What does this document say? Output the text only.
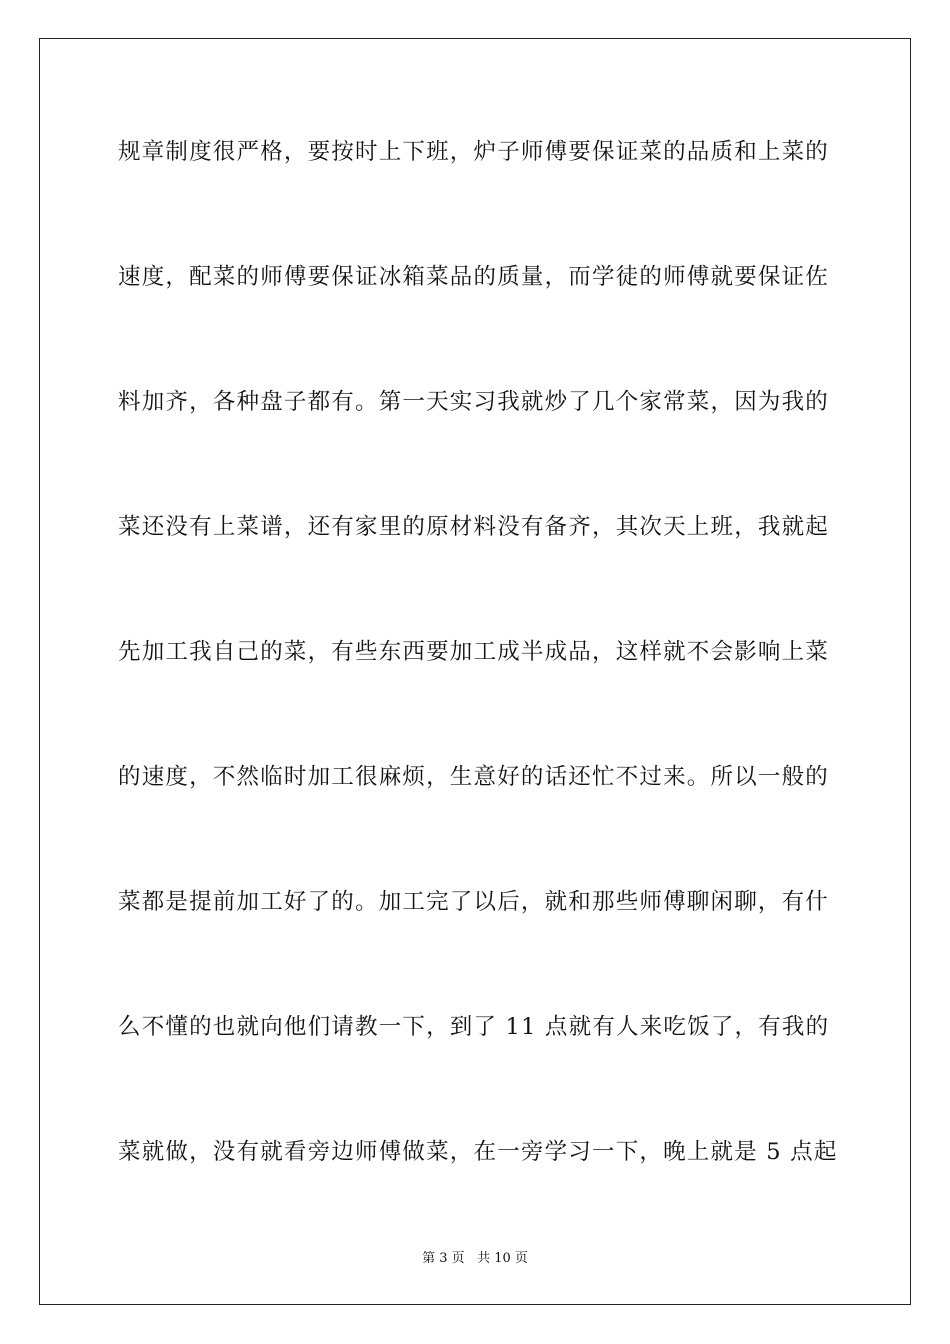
规章制度很严格，要按时上下班，炉子师傅要保证菜的品质和上菜的
速度，配菜的师傅要保证冰箱菜品的质量，而学徒的师傅就要保证佐
料加齐，各种盘子都有。第一天实习我就炒了几个家常菜，因为我的
菜还没有上菜谱，还有家里的原材料没有备齐，其次天上班，我就起
先加工我自己的菜，有些东西要加工成半成品，这样就不会影响上菜
的速度，不然临时加工很麻烦，生意好的话还忙不过来。所以一般的
菜都是提前加工好了的。加工完了以后，就和那些师傅聊闲聊，有什
么不懂的也就向他们请教一下，到了 11 点就有人来吃饭了，有我的
菜就做，没有就看旁边师傅做菜，在一旁学习一下，晚上就是 5 点起
第 3 页 共 10 页
